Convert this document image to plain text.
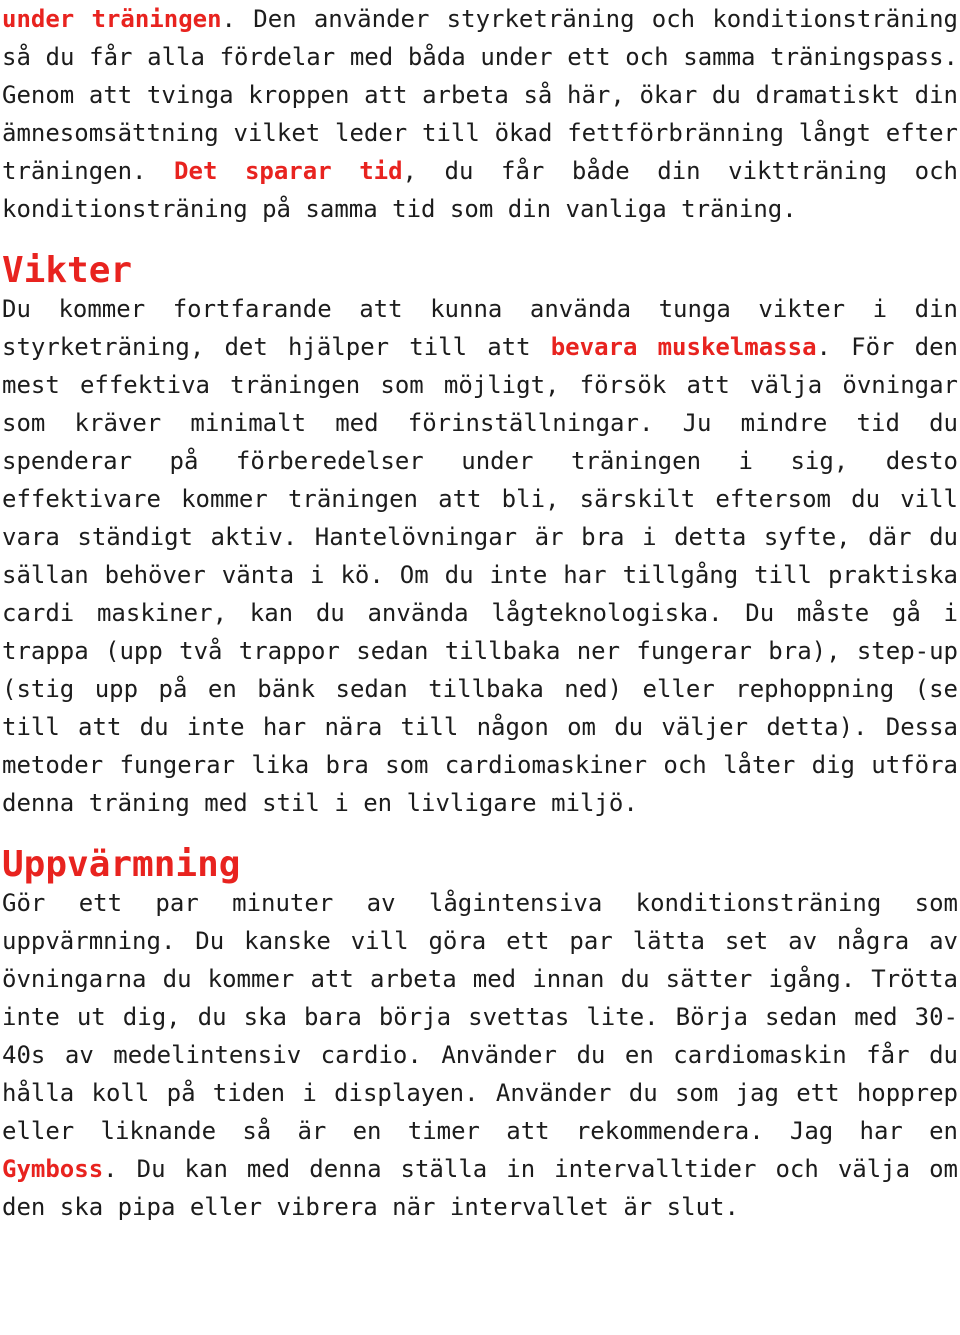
under träningen. Den använder styrketräning och konditionsträning så du får alla fördelar med båda under ett och samma träningspass. Genom att tvinga kroppen att arbeta så här, ökar du dramatiskt din ämnesomsättning vilket leder till ökad fettförbränning långt efter träningen. Det sparar tid, du får både din viktträning och konditionsträning på samma tid som din vanliga träning.

Vikter

Du kommer fortfarande att kunna använda tunga vikter i din styrketräning, det hjälper till att bevara muskelmassa. För den mest effektiva träningen som möjligt, försök att välja övningar som kräver minimalt med förinställningar. Ju mindre tid du spenderar på förberedelser under träningen i sig, desto effektivare kommer träningen att bli, särskilt eftersom du vill vara ständigt aktiv. Hantelövningar är bra i detta syfte, där du sällan behöver vänta i kö. Om du inte har tillgång till praktiska cardi maskiner, kan du använda lågteknologiska. Du måste gå i trappa (upp två trappor sedan tillbaka ner fungerar bra), step-up (stig upp på en bänk sedan tillbaka ned) eller rephoppning (se till att du inte har nära till någon om du väljer detta). Dessa metoder fungerar lika bra som cardiomaskiner och låter dig utföra denna träning med stil i en livligare miljö.

Uppvärmning

Gör ett par minuter av lågintensiva konditionsträning som uppvärmning. Du kanske vill göra ett par lätta set av några av övningarna du kommer att arbeta med innan du sätter igång. Trötta inte ut dig, du ska bara börja svettas lite. Börja sedan med 30-40s av medelintensiv cardio. Använder du en cardiomaskin får du hålla koll på tiden i displayen. Använder du som jag ett hopprep eller liknande så är en timer att rekommendera. Jag har en Gymboss. Du kan med denna ställa in intervalltider och välja om den ska pipa eller vibrera när intervallet är slut.
